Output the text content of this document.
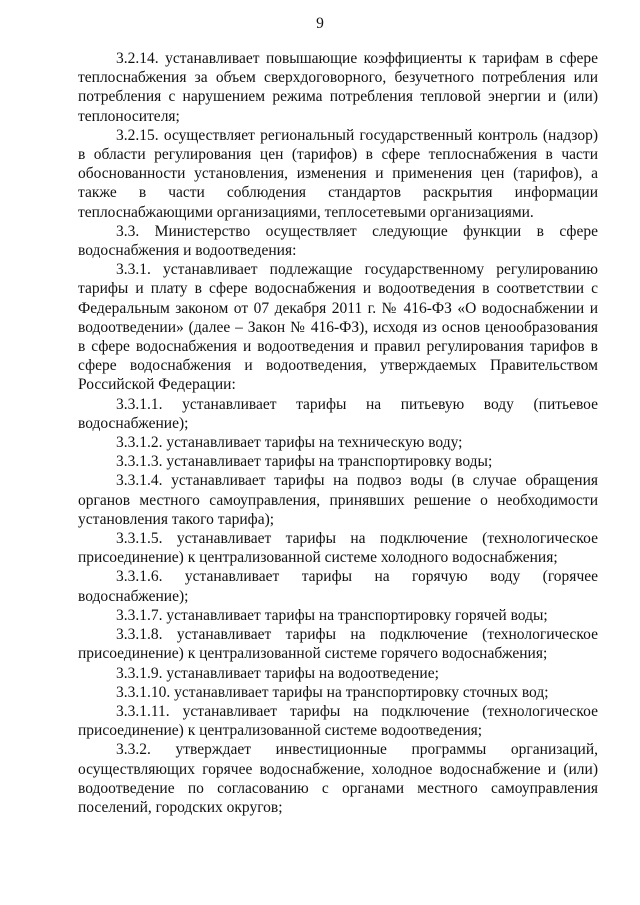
9

3.2.14. устанавливает повышающие коэффициенты к тарифам в сфере теплоснабжения за объем сверхдоговорного, безучетного потребления или потребления с нарушением режима потребления тепловой энергии и (или) теплоносителя;

3.2.15. осуществляет региональный государственный контроль (надзор) в области регулирования цен (тарифов) в сфере теплоснабжения в части обоснованности установления, изменения и применения цен (тарифов), а также в части соблюдения стандартов раскрытия информации теплоснабжающими организациями, теплосетевыми организациями.

3.3. Министерство осуществляет следующие функции в сфере водоснабжения и водоотведения:

3.3.1. устанавливает подлежащие государственному регулированию тарифы и плату в сфере водоснабжения и водоотведения в соответствии с Федеральным законом от 07 декабря 2011 г. № 416-ФЗ «О водоснабжении и водоотведении» (далее – Закон № 416-ФЗ), исходя из основ ценообразования в сфере водоснабжения и водоотведения и правил регулирования тарифов в сфере водоснабжения и водоотведения, утверждаемых Правительством Российской Федерации:

3.3.1.1. устанавливает тарифы на питьевую воду (питьевое водоснабжение);

3.3.1.2. устанавливает тарифы на техническую воду;

3.3.1.3. устанавливает тарифы на транспортировку воды;

3.3.1.4. устанавливает тарифы на подвоз воды (в случае обращения органов местного самоуправления, принявших решение о необходимости установления такого тарифа);

3.3.1.5. устанавливает тарифы на подключение (технологическое присоединение) к централизованной системе холодного водоснабжения;

3.3.1.6. устанавливает тарифы на горячую воду (горячее водоснабжение);

3.3.1.7. устанавливает тарифы на транспортировку горячей воды;

3.3.1.8. устанавливает тарифы на подключение (технологическое присоединение) к централизованной системе горячего водоснабжения;

3.3.1.9. устанавливает тарифы на водоотведение;

3.3.1.10. устанавливает тарифы на транспортировку сточных вод;

3.3.1.11. устанавливает тарифы на подключение (технологическое присоединение) к централизованной системе водоотведения;

3.3.2. утверждает инвестиционные программы организаций, осуществляющих горячее водоснабжение, холодное водоснабжение и (или) водоотведение по согласованию с органами местного самоуправления поселений, городских округов;
